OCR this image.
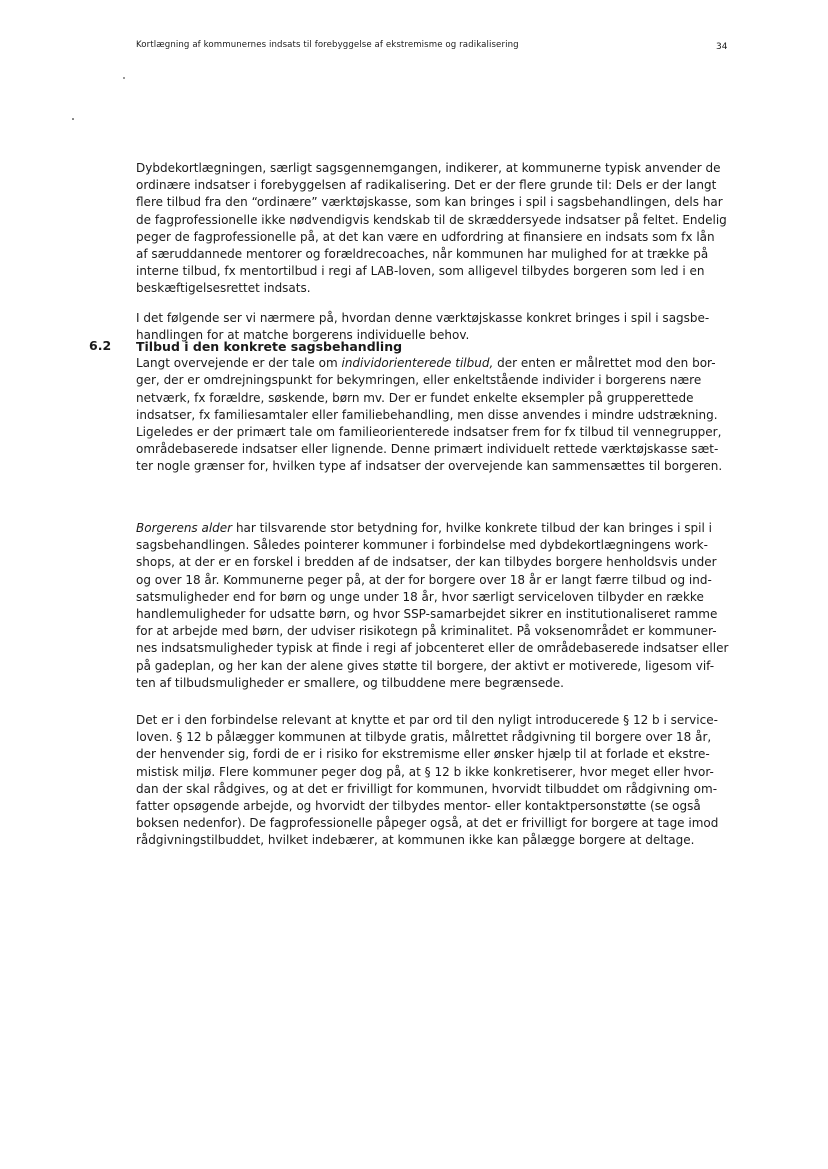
Kortlægning af kommunernes indsats til forebyggelse af ekstremisme og radikalisering	34
Dybdekortlægningen, særligt sagsgennemgangen, indikerer, at kommunerne typisk anvender de
ordinære indsatser i forebyggelsen af radikalisering. Det er der flere grunde til: Dels er der langt
flere tilbud fra den “ordinære” værktøjskasse, som kan bringes i spil i sagsbehandlingen, dels har
de fagprofessionelle ikke nødvendigvis kendskab til de skræddersyede indsatser på feltet. Endelig
peger de fagprofessionelle på, at det kan være en udfordring at finansiere en indsats som fx lån
af særuddannede mentorer og forældrecoaches, når kommunen har mulighed for at trække på
interne tilbud, fx mentortilbud i regi af LAB-loven, som alligevel tilbydes borgeren som led i en
beskæftigelsesrettet indsats.
I det følgende ser vi nærmere på, hvordan denne værktøjskasse konkret bringes i spil i sagsbe-
handlingen for at matche borgerens individuelle behov.
6.2 Tilbud i den konkrete sagsbehandling
Langt overvejende er der tale om individorienterede tilbud, der enten er målrettet mod den bor-
ger, der er omdrejningspunkt for bekymringen, eller enkeltstående individer i borgerens nære
netværk, fx forældre, søskende, børn mv. Der er fundet enkelte eksempler på grupperettede
indsatser, fx familiesamtaler eller familiebehandling, men disse anvendes i mindre udstrækning.
Ligeledes er der primært tale om familieorienterede indsatser frem for fx tilbud til vennegrupper,
områdebaserede indsatser eller lignende. Denne primært individuelt rettede værktøjskasse sæt-
ter nogle grænser for, hvilken type af indsatser der overvejende kan sammensættes til borgeren.
Borgerens alder har tilsvarende stor betydning for, hvilke konkrete tilbud der kan bringes i spil i
sagsbehandlingen. Således pointerer kommuner i forbindelse med dybdekortlægningens work-
shops, at der er en forskel i bredden af de indsatser, der kan tilbydes borgere henholdsvis under
og over 18 år. Kommunerne peger på, at der for borgere over 18 år er langt færre tilbud og ind-
satsmuligheder end for børn og unge under 18 år, hvor særligt serviceloven tilbyder en række
handlemuligheder for udsatte børn, og hvor SSP-samarbejdet sikrer en institutionaliseret ramme
for at arbejde med børn, der udviser risikotegn på kriminalitet. På voksenområdet er kommuner-
nes indsatsmuligheder typisk at finde i regi af jobcenteret eller de områdebaserede indsatser eller
på gadeplan, og her kan der alene gives støtte til borgere, der aktivt er motiverede, ligesom vif-
ten af tilbudsmuligheder er smallere, og tilbuddene mere begrænsede.
Det er i den forbindelse relevant at knytte et par ord til den nyligt introducerede § 12 b i service-
loven. § 12 b pålægger kommunen at tilbyde gratis, målrettet rådgivning til borgere over 18 år,
der henvender sig, fordi de er i risiko for ekstremisme eller ønsker hjælp til at forlade et ekstre-
mistisk miljø. Flere kommuner peger dog på, at § 12 b ikke konkretiserer, hvor meget eller hvor-
dan der skal rådgives, og at det er frivilligt for kommunen, hvorvidt tilbuddet om rådgivning om-
fatter opsøgende arbejde, og hvorvidt der tilbydes mentor- eller kontaktpersonstøtte (se også
boksen nedenfor). De fagprofessionelle påpeger også, at det er frivilligt for borgere at tage imod
rådgivningstilbuddet, hvilket indebærer, at kommunen ikke kan pålægge borgere at deltage.
